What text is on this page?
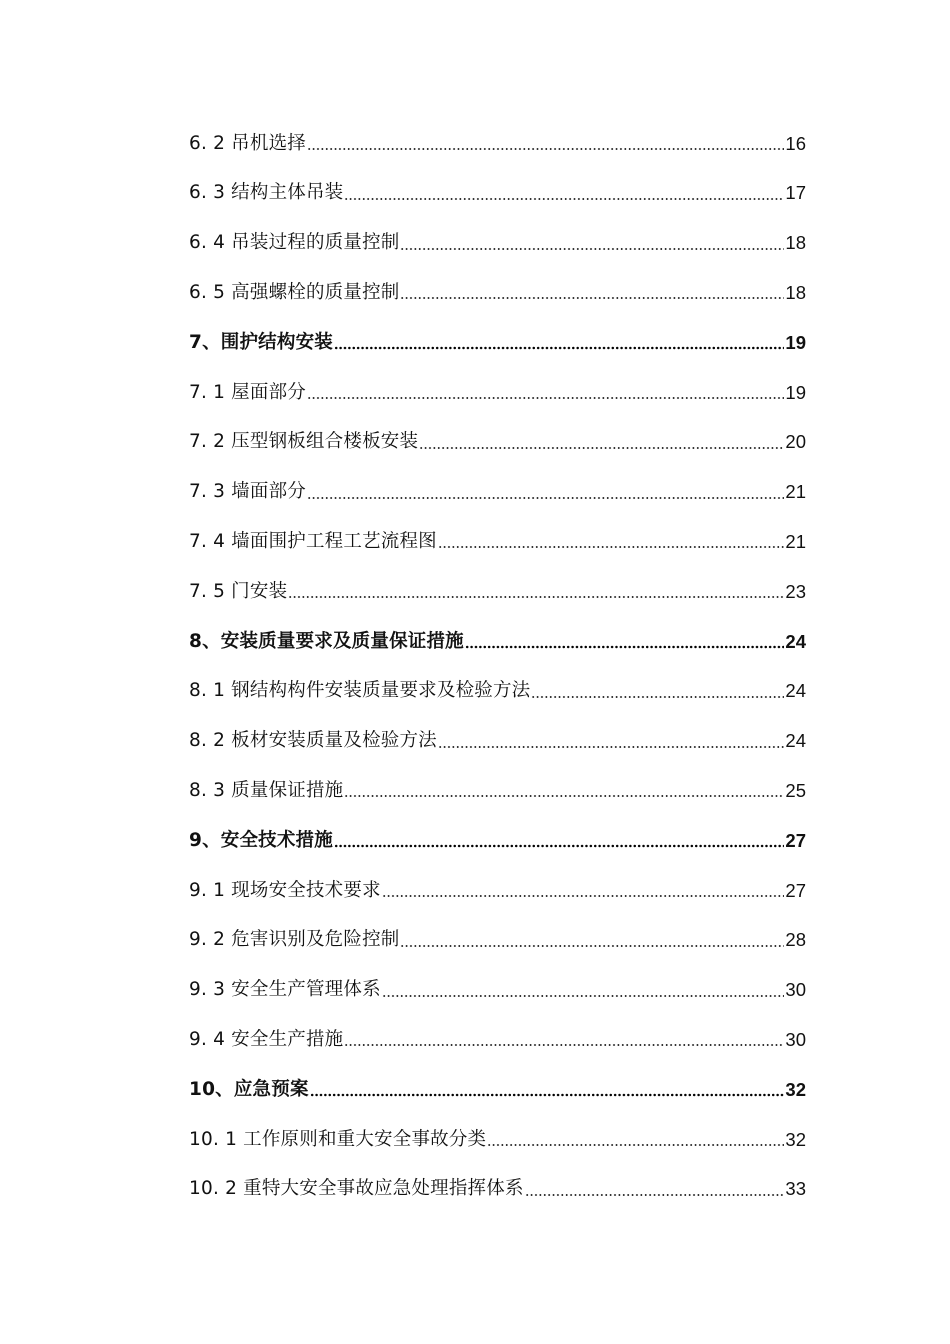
6. 2 吊机选择	16
6. 3 结构主体吊装	17
6. 4 吊装过程的质量控制	18
6. 5 高强螺栓的质量控制	18
7、围护结构安装	19
7. 1 屋面部分	19
7. 2 压型钢板组合楼板安装	20
7. 3 墙面部分	21
7. 4 墙面围护工程工艺流程图	21
7. 5 门安装	23
8、安装质量要求及质量保证措施	24
8. 1 钢结构构件安装质量要求及检验方法	24
8. 2 板材安装质量及检验方法	24
8. 3 质量保证措施	25
9、安全技术措施	27
9. 1 现场安全技术要求	27
9. 2 危害识别及危险控制	28
9. 3 安全生产管理体系	30
9. 4 安全生产措施	30
10、应急预案	32
10. 1 工作原则和重大安全事故分类	32
10. 2 重特大安全事故应急处理指挥体系	33
